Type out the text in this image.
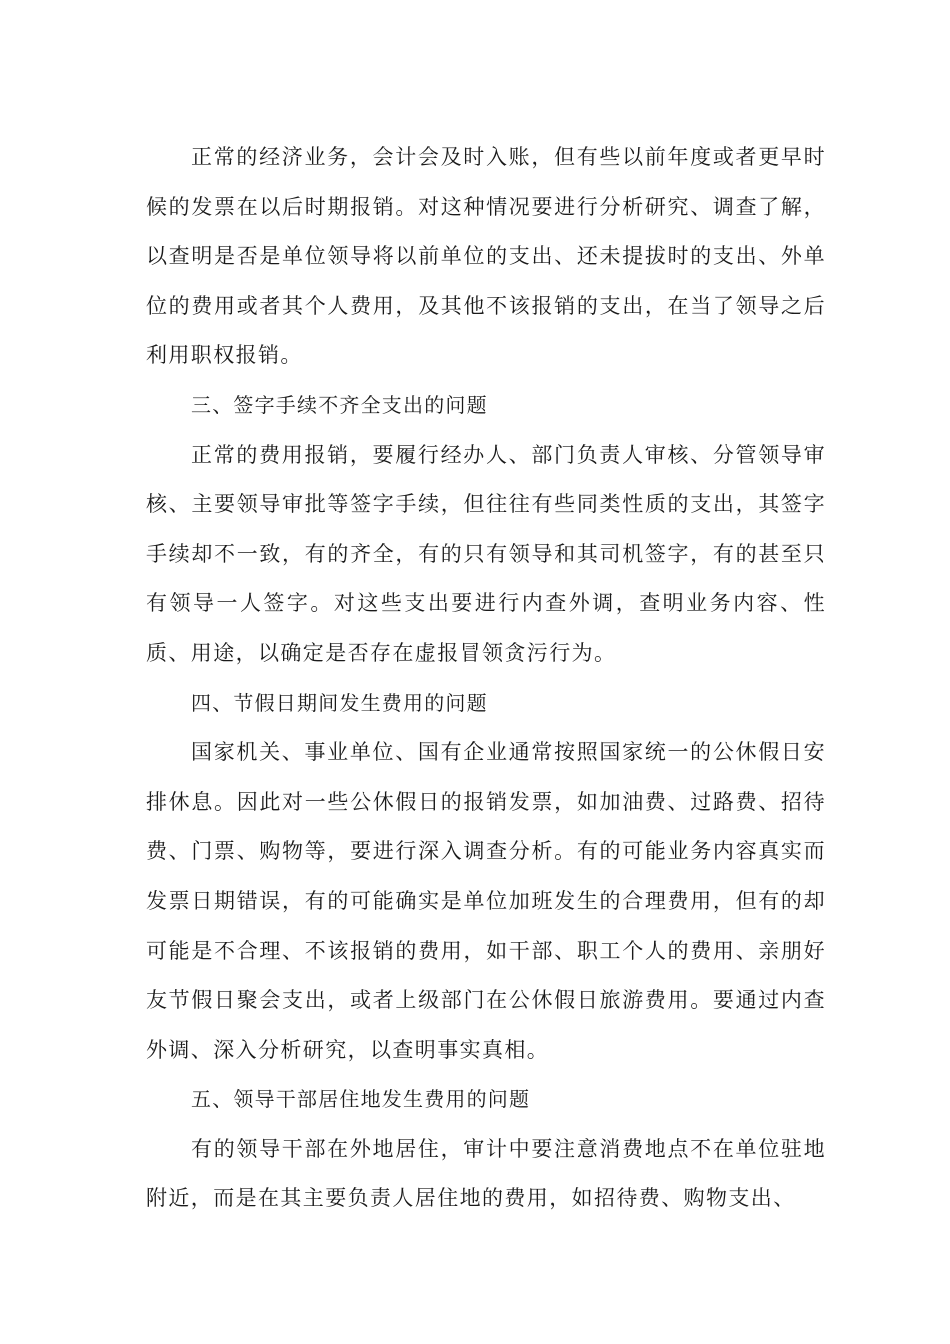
正常的经济业务，会计会及时入账，但有些以前年度或者更早时候的发票在以后时期报销。对这种情况要进行分析研究、调查了解，以查明是否是单位领导将以前单位的支出、还未提拔时的支出、外单位的费用或者其个人费用，及其他不该报销的支出，在当了领导之后利用职权报销。

三、签字手续不齐全支出的问题

正常的费用报销，要履行经办人、部门负责人审核、分管领导审核、主要领导审批等签字手续，但往往有些同类性质的支出，其签字手续却不一致，有的齐全，有的只有领导和其司机签字，有的甚至只有领导一人签字。对这些支出要进行内查外调，查明业务内容、性质、用途，以确定是否存在虚报冒领贪污行为。

四、节假日期间发生费用的问题

国家机关、事业单位、国有企业通常按照国家统一的公休假日安排休息。因此对一些公休假日的报销发票，如加油费、过路费、招待费、门票、购物等，要进行深入调查分析。有的可能业务内容真实而发票日期错误，有的可能确实是单位加班发生的合理费用，但有的却可能是不合理、不该报销的费用，如干部、职工个人的费用、亲朋好友节假日聚会支出，或者上级部门在公休假日旅游费用。要通过内查外调、深入分析研究，以查明事实真相。

五、领导干部居住地发生费用的问题

有的领导干部在外地居住，审计中要注意消费地点不在单位驻地附近，而是在其主要负责人居住地的费用，如招待费、购物支出、
